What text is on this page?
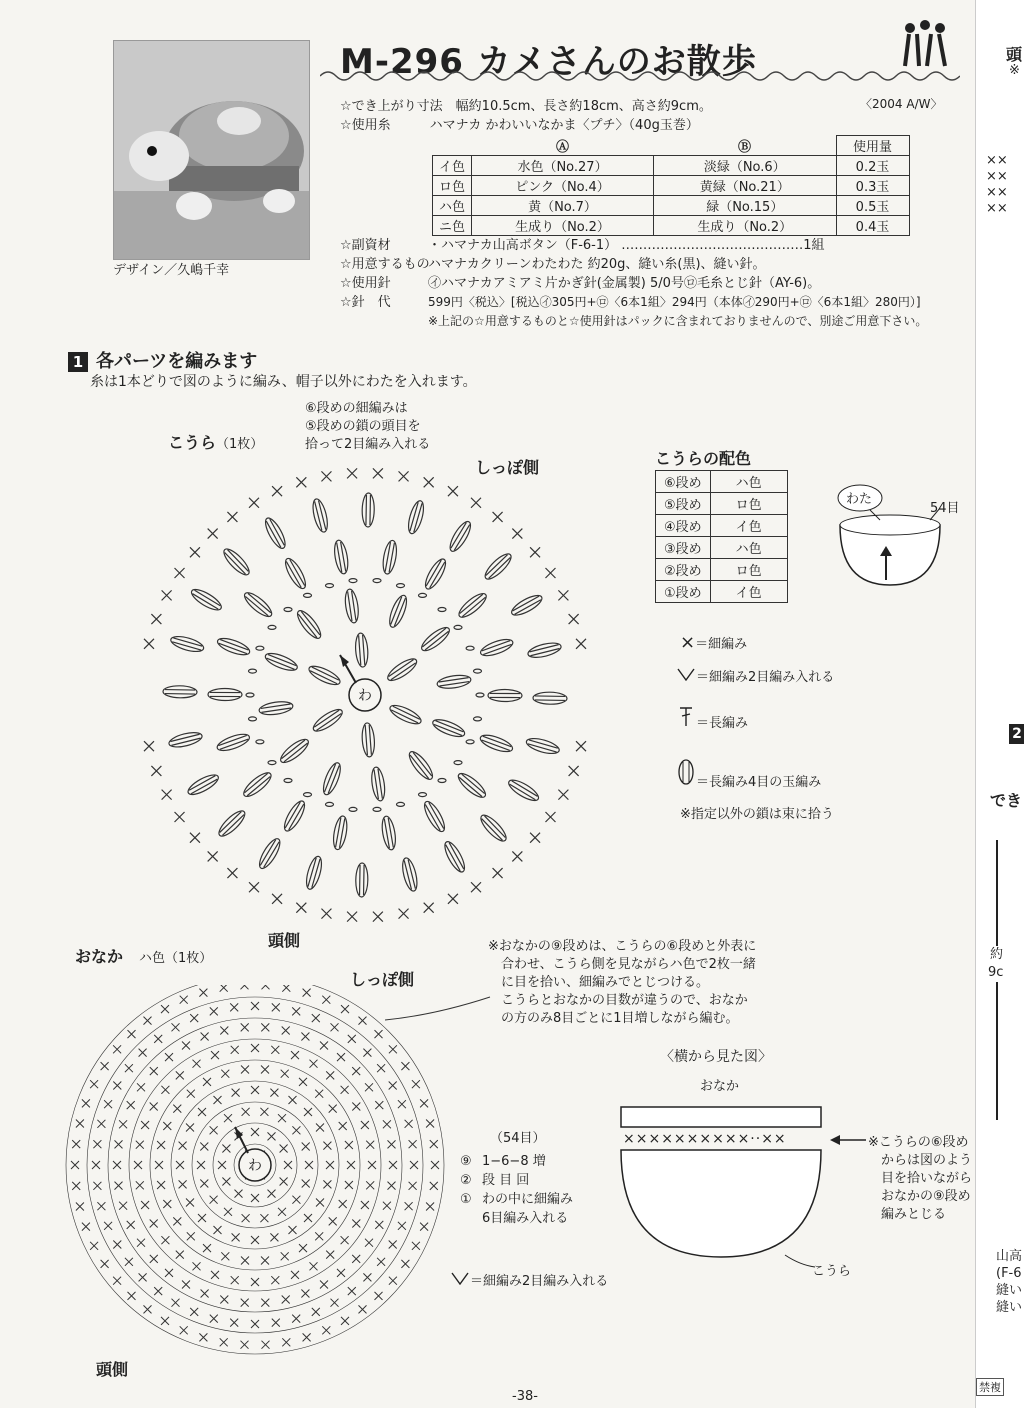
デザイン／久嶋千幸
M-296 カメさんのお散歩
〈2004 A/W〉
☆でき上がり寸法　 幅約10.5cm、長さ約18cm、高さ約9cm。
☆使用糸　　　	ハマナカ かわいいなかま〈プチ〉（40g玉巻）
	Ⓐ	Ⓑ	使用量
イ色	水色（No.27）	淡緑（No.6）	0.2玉
ロ色	ピンク（No.4）	黄緑（No.21）	0.3玉
ハ色	黄（No.7）	緑（No.15）	0.5玉
ニ色	生成り（No.2）	生成り（No.2）	0.4玉
☆副資材	・ハマナカ山高ボタン（F-6-1） ……………………………………1組
☆用意するものハマナカクリーンわたわた 約20g、縫い糸(黒)、縫い針。
☆使用針	㋑ハマナカアミアミ片かぎ針(金属製) 5/0号㋺毛糸とじ針（AY-6)。
☆針　代	599円〈税込〉[税込㋑305円+㋺〈6本1組〉294円（本体㋑290円+㋺〈6本1組〉280円）]
※上記の☆用意するものと☆使用針はパックに含まれておりませんので、別途ご用意下さい。
1 各パーツを編みます
糸は1本どりで図のように編み、帽子以外にわたを入れます。
こうら（1枚）
⑥段めの細編みは
⑤段めの鎖の頭目を
拾って2目編み入れる
しっぽ側
頭側
わ
こうらの配色
⑥段め	ハ色
⑤段め	ロ色
④段め	イ色
③段め	ハ色
②段め	ロ色
①段め	イ色
わた
54目
×＝細編み
＝細編み2目編み入れる
＝長編み
＝長編み4目の玉編み
※指定以外の鎖は束に拾う
おなか　 ハ色（1枚）
しっぽ側
頭側
※おなかの⑨段めは、こうらの⑥段めと外表に
合わせ、こうら側を見ながらハ色で2枚一緒
に目を拾い、細編みでとじつける。
こうらとおなかの目数が違うので、おなか
の方のみ8目ごとに1目増しながら編む。
わ
（54目）
⑨ 1−6−8 増
② 段 目 回
① わの中に細編み
6目編み入れる
＝細編み2目編み入れる
〈横から見た図〉
おなか
××××××××××··××
こうら
※こうらの⑥段め
からは図のよう
目を拾いながら
おなかの⑨段め
編みとじる
-38-
頭
※
××
××
××
××
2
でき
約
9c
山高
(F-6
縫い
縫い
禁複
